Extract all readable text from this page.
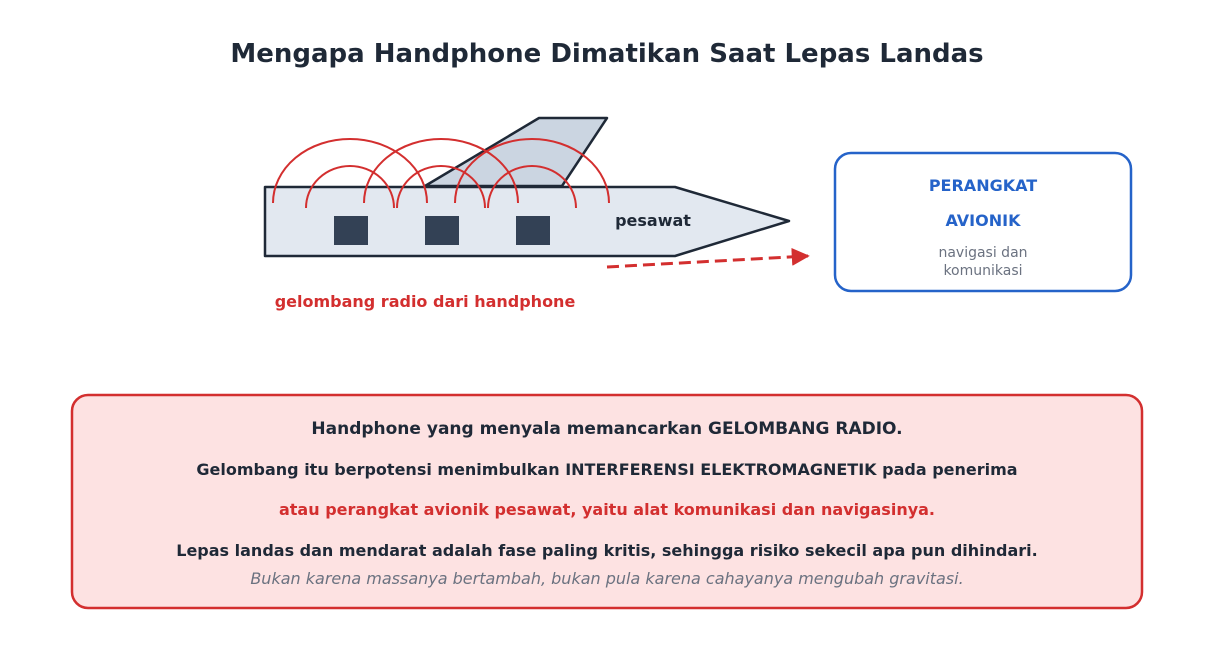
Mengapa Handphone Dimatikan Saat Lepas Landas
pesawat
gelombang radio dari handphone
PERANGKAT
AVIONIK
navigasi dan
komunikasi
Handphone yang menyala memancarkan GELOMBANG RADIO.
Gelombang itu berpotensi menimbulkan INTERFERENSI ELEKTROMAGNETIK pada penerima
atau perangkat avionik pesawat, yaitu alat komunikasi dan navigasinya.
Lepas landas dan mendarat adalah fase paling kritis, sehingga risiko sekecil apa pun dihindari.
Bukan karena massanya bertambah, bukan pula karena cahayanya mengubah gravitasi.
